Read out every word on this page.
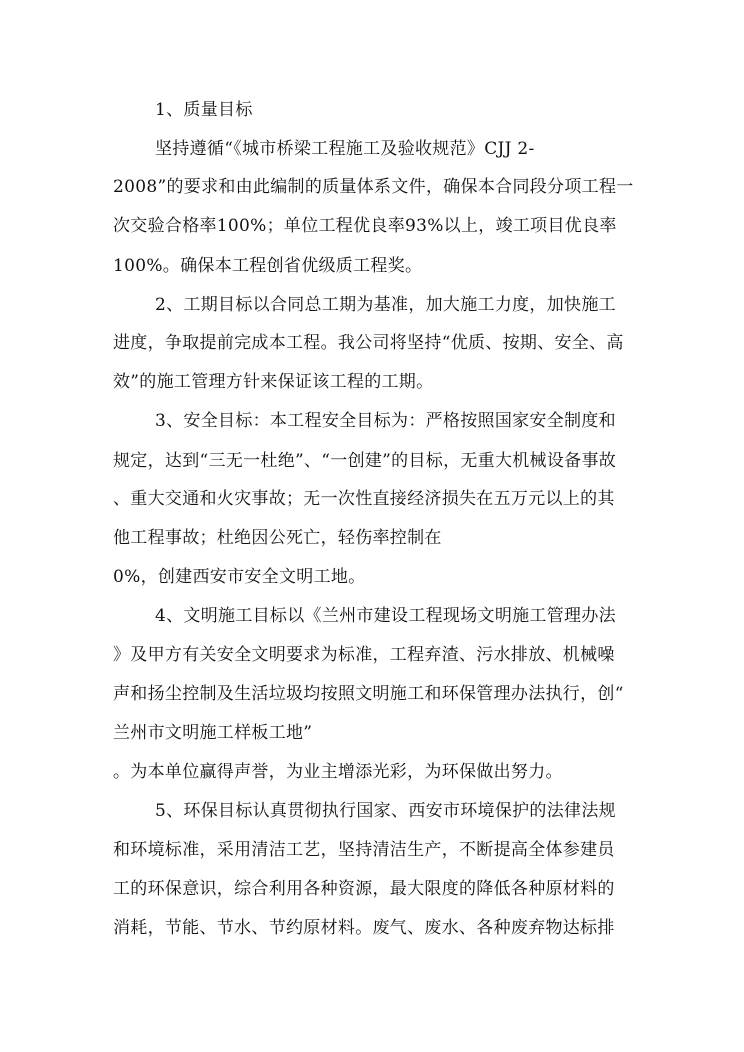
1、质量目标
坚持遵循“《城市桥梁工程施工及验收规范》CJJ 2-
2008”的要求和由此编制的质量体系文件，确保本合同段分项工程一
次交验合格率100%；单位工程优良率93%以上，竣工项目优良率
100%。确保本工程创省优级质工程奖。
2、工期目标以合同总工期为基准，加大施工力度，加快施工
进度，争取提前完成本工程。我公司将坚持“优质、按期、安全、高
效”的施工管理方针来保证该工程的工期。
3、安全目标：本工程安全目标为：严格按照国家安全制度和
规定，达到“三无一杜绝”、“一创建”的目标，无重大机械设备事故
、重大交通和火灾事故；无一次性直接经济损失在五万元以上的其
他工程事故；杜绝因公死亡，轻伤率控制在
0%，创建西安市安全文明工地。
4、文明施工目标以《兰州市建设工程现场文明施工管理办法
》及甲方有关安全文明要求为标准，工程弃渣、污水排放、机械噪
声和扬尘控制及生活垃圾均按照文明施工和环保管理办法执行，创“
兰州市文明施工样板工地”
。为本单位赢得声誉，为业主增添光彩，为环保做出努力。
5、环保目标认真贯彻执行国家、西安市环境保护的法律法规
和环境标准，采用清洁工艺，坚持清洁生产，不断提高全体参建员
工的环保意识，综合利用各种资源，最大限度的降低各种原材料的
消耗，节能、节水、节约原材料。废气、废水、各种废弃物达标排
